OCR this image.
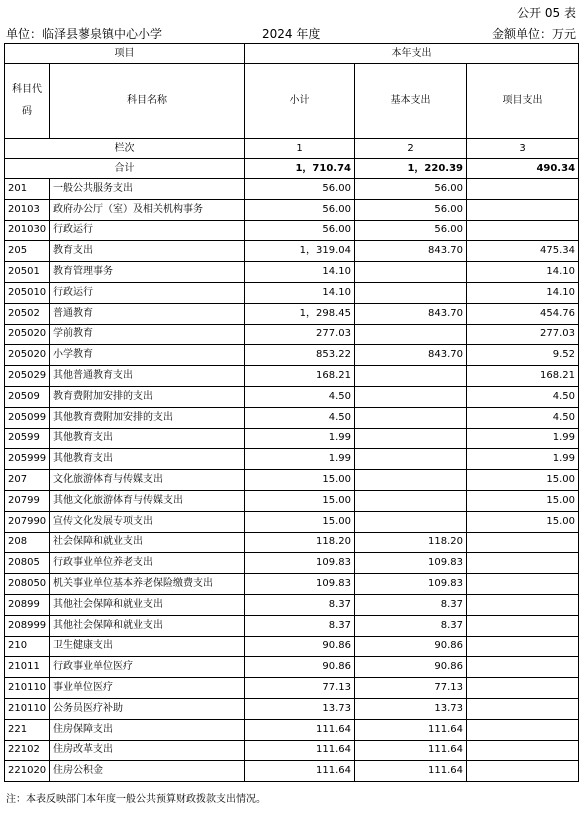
公开 05 表
单位：临泽县蓼泉镇中心小学	2024 年度	金额单位：万元
项目		本年支出		
科目代码	科目名称	小计	基本支出	项目支出
栏次		1	2	3
合计		1，710.74	1，220.39	490.34
201	一般公共服务支出	56.00	56.00	
20103	政府办公厅（室）及相关机构事务	56.00	56.00	
201030	行政运行	56.00	56.00	
205	教育支出	1，319.04	843.70	475.34
20501	教育管理事务	14.10		14.10
205010	行政运行	14.10		14.10
20502	普通教育	1，298.45	843.70	454.76
205020	学前教育	277.03		277.03
205020	小学教育	853.22	843.70	9.52
205029	其他普通教育支出	168.21		168.21
20509	教育费附加安排的支出	4.50		4.50
205099	其他教育费附加安排的支出	4.50		4.50
20599	其他教育支出	1.99		1.99
205999	其他教育支出	1.99		1.99
207	文化旅游体育与传媒支出	15.00		15.00
20799	其他文化旅游体育与传媒支出	15.00		15.00
207990	宣传文化发展专项支出	15.00		15.00
208	社会保障和就业支出	118.20	118.20	
20805	行政事业单位养老支出	109.83	109.83	
208050	机关事业单位基本养老保险缴费支出	109.83	109.83	
20899	其他社会保障和就业支出	8.37	8.37	
208999	其他社会保障和就业支出	8.37	8.37	
210	卫生健康支出	90.86	90.86	
21011	行政事业单位医疗	90.86	90.86	
210110	事业单位医疗	77.13	77.13	
210110	公务员医疗补助	13.73	13.73	
221	住房保障支出	111.64	111.64	
22102	住房改革支出	111.64	111.64	
221020	住房公积金	111.64	111.64	
注：本表反映部门本年度一般公共预算财政拨款支出情况。
